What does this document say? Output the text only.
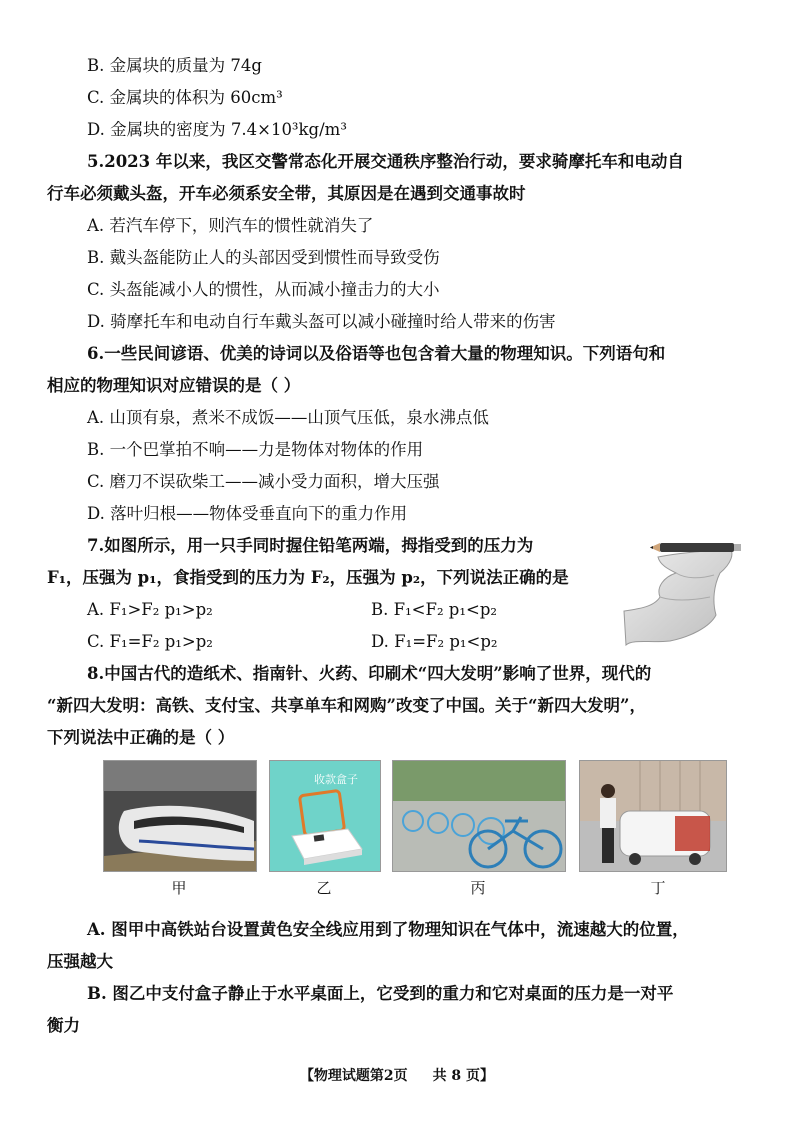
B. 金属块的质量为 74g
C. 金属块的体积为 60cm³
D. 金属块的密度为 7.4×10³kg/m³
5.2023 年以来，我区交警常态化开展交通秩序整治行动，要求骑摩托车和电动自
行车必须戴头盔，开车必须系安全带，其原因是在遇到交通事故时
A. 若汽车停下，则汽车的惯性就消失了
B. 戴头盔能防止人的头部因受到惯性而导致受伤
C. 头盔能减小人的惯性，从而减小撞击力的大小
D. 骑摩托车和电动自行车戴头盔可以减小碰撞时给人带来的伤害
6.一些民间谚语、优美的诗词以及俗语等也包含着大量的物理知识。下列语句和
相应的物理知识对应错误的是（ ）
A. 山顶有泉，煮米不成饭——山顶气压低，泉水沸点低
B. 一个巴掌拍不响——力是物体对物体的作用
C. 磨刀不误砍柴工——减小受力面积，增大压强
D. 落叶归根——物体受垂直向下的重力作用
7.如图所示，用一只手同时握住铅笔两端，拇指受到的压力为
F₁，压强为 p₁，食指受到的压力为 F₂，压强为 p₂，下列说法正确的是
A. F₁>F₂ p₁>p₂	B. F₁<F₂ p₁<p₂
C. F₁=F₂ p₁>p₂	D. F₁=F₂ p₁<p₂
8.中国古代的造纸术、指南针、火药、印刷术“四大发明”影响了世界，现代的
“新四大发明：高铁、支付宝、共享单车和网购”改变了中国。关于“新四大发明”，
下列说法中正确的是（ ）
收款盒子
甲	乙	丙	丁
A. 图甲中高铁站台设置黄色安全线应用到了物理知识在气体中，流速越大的位置，
压强越大
B. 图乙中支付盒子静止于水平桌面上，它受到的重力和它对桌面的压力是一对平
衡力
【物理试题第2页 共 8 页】
